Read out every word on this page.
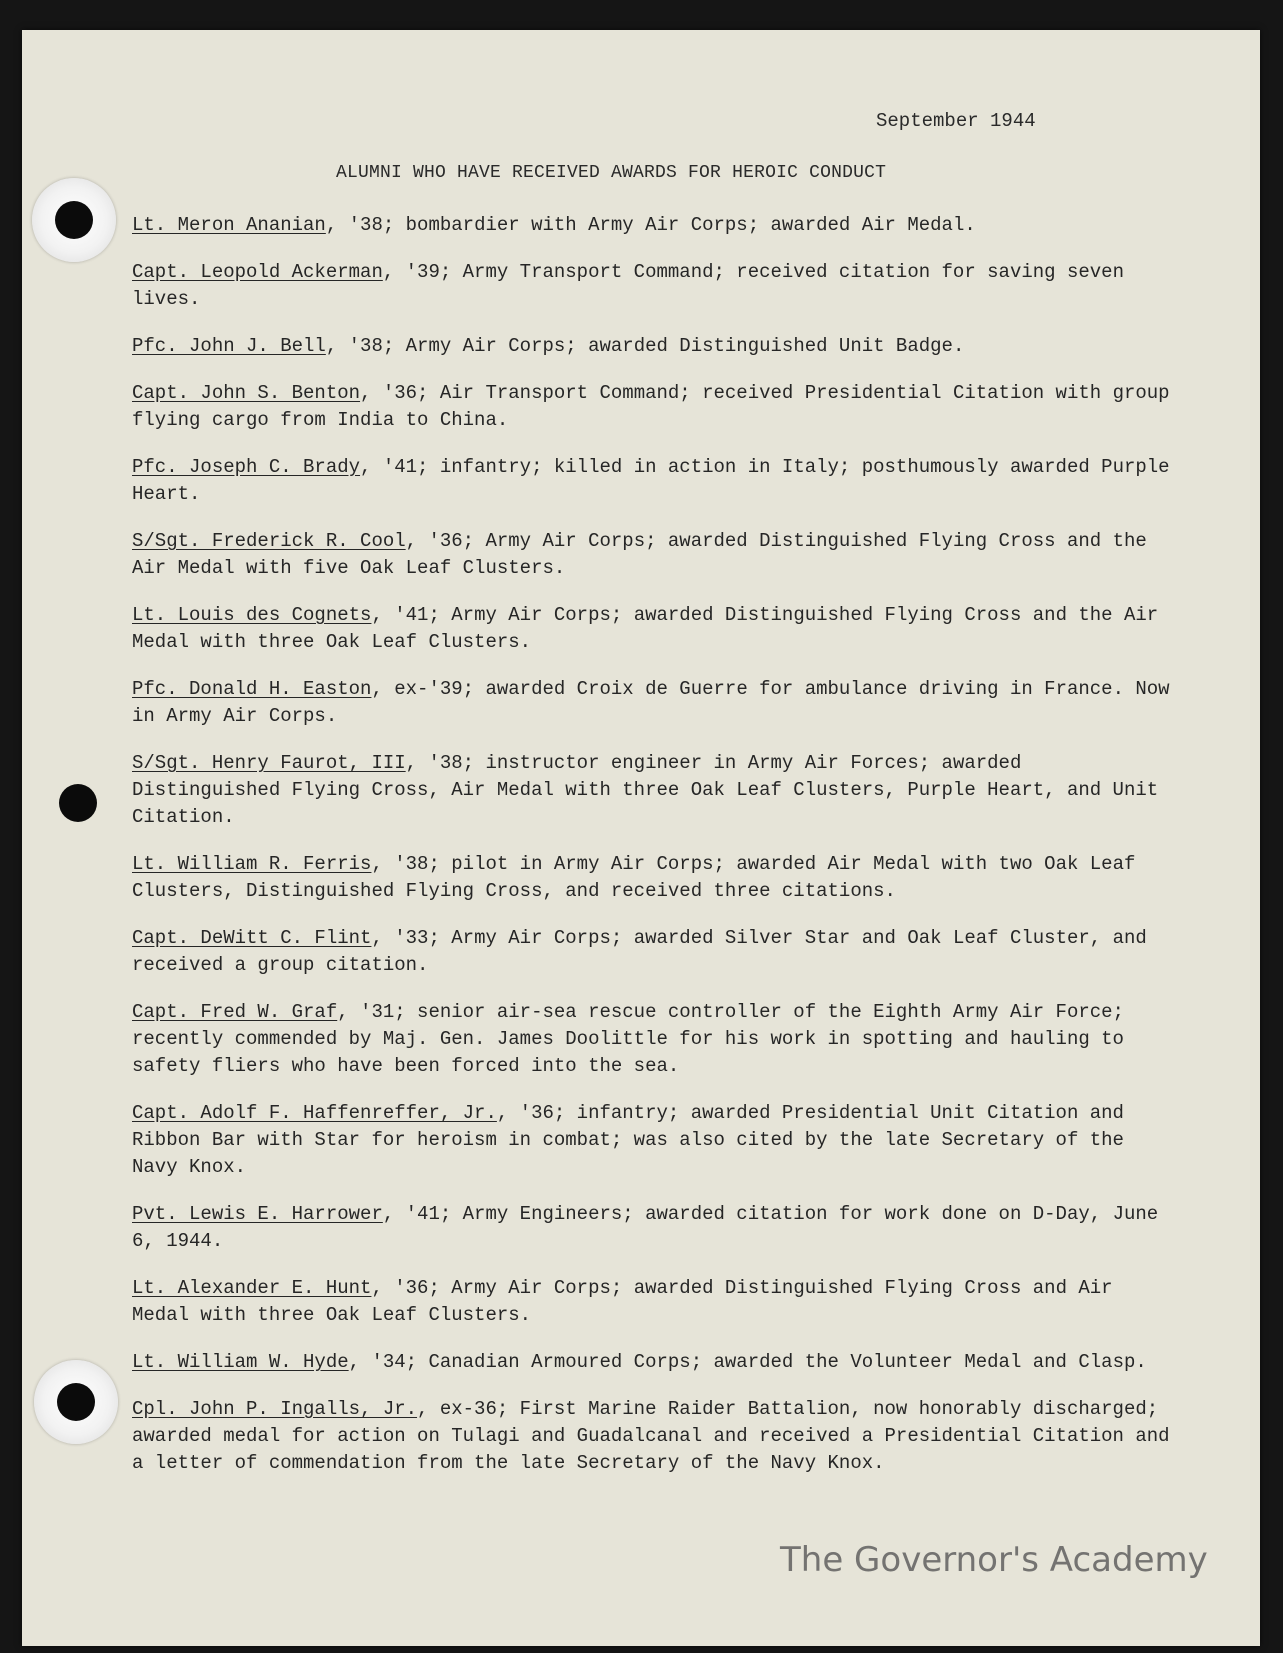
September 1944
ALUMNI WHO HAVE RECEIVED AWARDS FOR HEROIC CONDUCT
Lt. Meron Ananian, '38; bombardier with Army Air Corps; awarded Air Medal.
Capt. Leopold Ackerman, '39; Army Transport Command; received citation for saving seven lives.
Pfc. John J. Bell, '38; Army Air Corps; awarded Distinguished Unit Badge.
Capt. John S. Benton, '36; Air Transport Command; received Presidential Citation with group flying cargo from India to China.
Pfc. Joseph C. Brady, '41; infantry; killed in action in Italy; posthumously awarded Purple Heart.
S/Sgt. Frederick R. Cool, '36; Army Air Corps; awarded Distinguished Flying Cross and the Air Medal with five Oak Leaf Clusters.
Lt. Louis des Cognets, '41; Army Air Corps; awarded Distinguished Flying Cross and the Air Medal with three Oak Leaf Clusters.
Pfc. Donald H. Easton, ex-'39; awarded Croix de Guerre for ambulance driving in France. Now in Army Air Corps.
S/Sgt. Henry Faurot, III, '38; instructor engineer in Army Air Forces; awarded Distinguished Flying Cross, Air Medal with three Oak Leaf Clusters, Purple Heart, and Unit Citation.
Lt. William R. Ferris, '38; pilot in Army Air Corps; awarded Air Medal with two Oak Leaf Clusters, Distinguished Flying Cross, and received three citations.
Capt. DeWitt C. Flint, '33; Army Air Corps; awarded Silver Star and Oak Leaf Cluster, and received a group citation.
Capt. Fred W. Graf, '31; senior air-sea rescue controller of the Eighth Army Air Force; recently commended by Maj. Gen. James Doolittle for his work in spotting and hauling to safety fliers who have been forced into the sea.
Capt. Adolf F. Haffenreffer, Jr., '36; infantry; awarded Presidential Unit Citation and Ribbon Bar with Star for heroism in combat; was also cited by the late Secretary of the Navy Knox.
Pvt. Lewis E. Harrower, '41; Army Engineers; awarded citation for work done on D-Day, June 6, 1944.
Lt. Alexander E. Hunt, '36; Army Air Corps; awarded Distinguished Flying Cross and Air Medal with three Oak Leaf Clusters.
Lt. William W. Hyde, '34; Canadian Armoured Corps; awarded the Volunteer Medal and Clasp.
Cpl. John P. Ingalls, Jr., ex-36; First Marine Raider Battalion, now honorably discharged; awarded medal for action on Tulagi and Guadalcanal and received a Presidential Citation and a letter of commendation from the late Secretary of the Navy Knox.
The Governor's Academy
